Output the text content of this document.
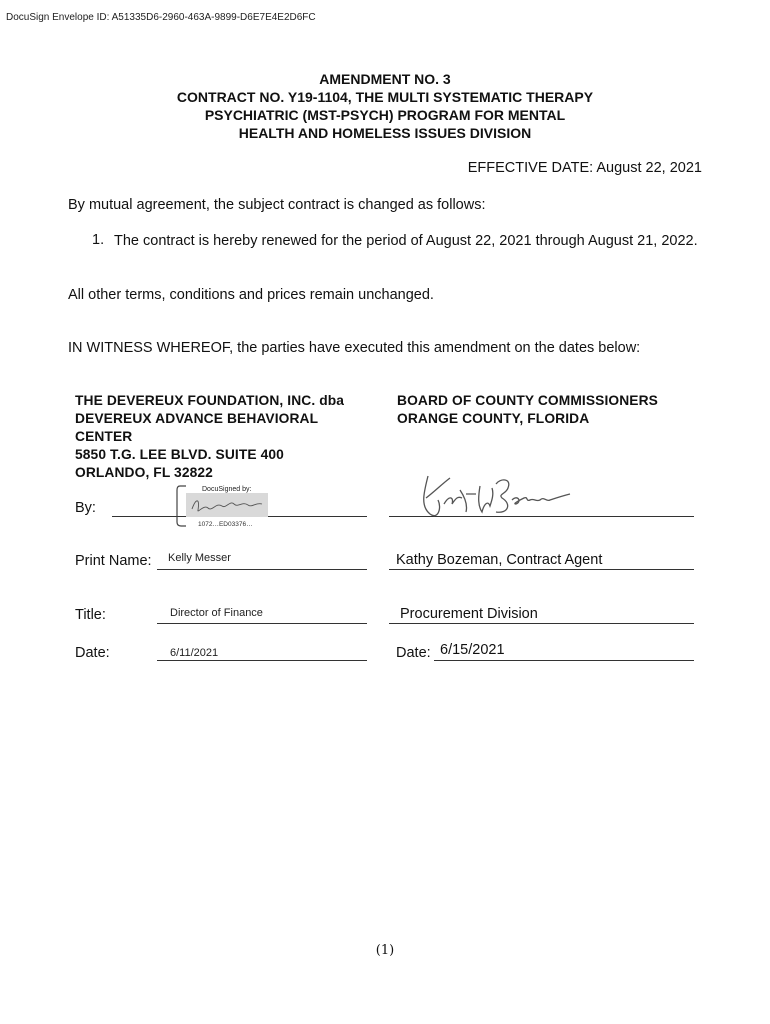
DocuSign Envelope ID: A51335D6-2960-463A-9899-D6E7E4E2D6FC
AMENDMENT NO. 3
CONTRACT NO. Y19-1104, THE MULTI SYSTEMATIC THERAPY
PSYCHIATRIC (MST-PSYCH) PROGRAM FOR MENTAL
HEALTH AND HOMELESS ISSUES DIVISION
EFFECTIVE DATE: August 22, 2021
By mutual agreement, the subject contract is changed as follows:
1. The contract is hereby renewed for the period of August 22, 2021 through August 21, 2022.
All other terms, conditions and prices remain unchanged.
IN WITNESS WHEREOF, the parties have executed this amendment on the dates below:
THE DEVEREUX FOUNDATION, INC. dba
DEVEREUX ADVANCE BEHAVIORAL
CENTER
5850 T.G. LEE BLVD. SUITE 400
ORLANDO, FL 32822
BOARD OF COUNTY COMMISSIONERS
ORANGE COUNTY, FLORIDA
By:
DocuSigned by:
1072…ED03376…
Print Name: Kelly Messer	Kathy Bozeman, Contract Agent
Title:	Director of Finance	Procurement Division
Date:	6/11/2021	Date: 6/15/2021
(1)
